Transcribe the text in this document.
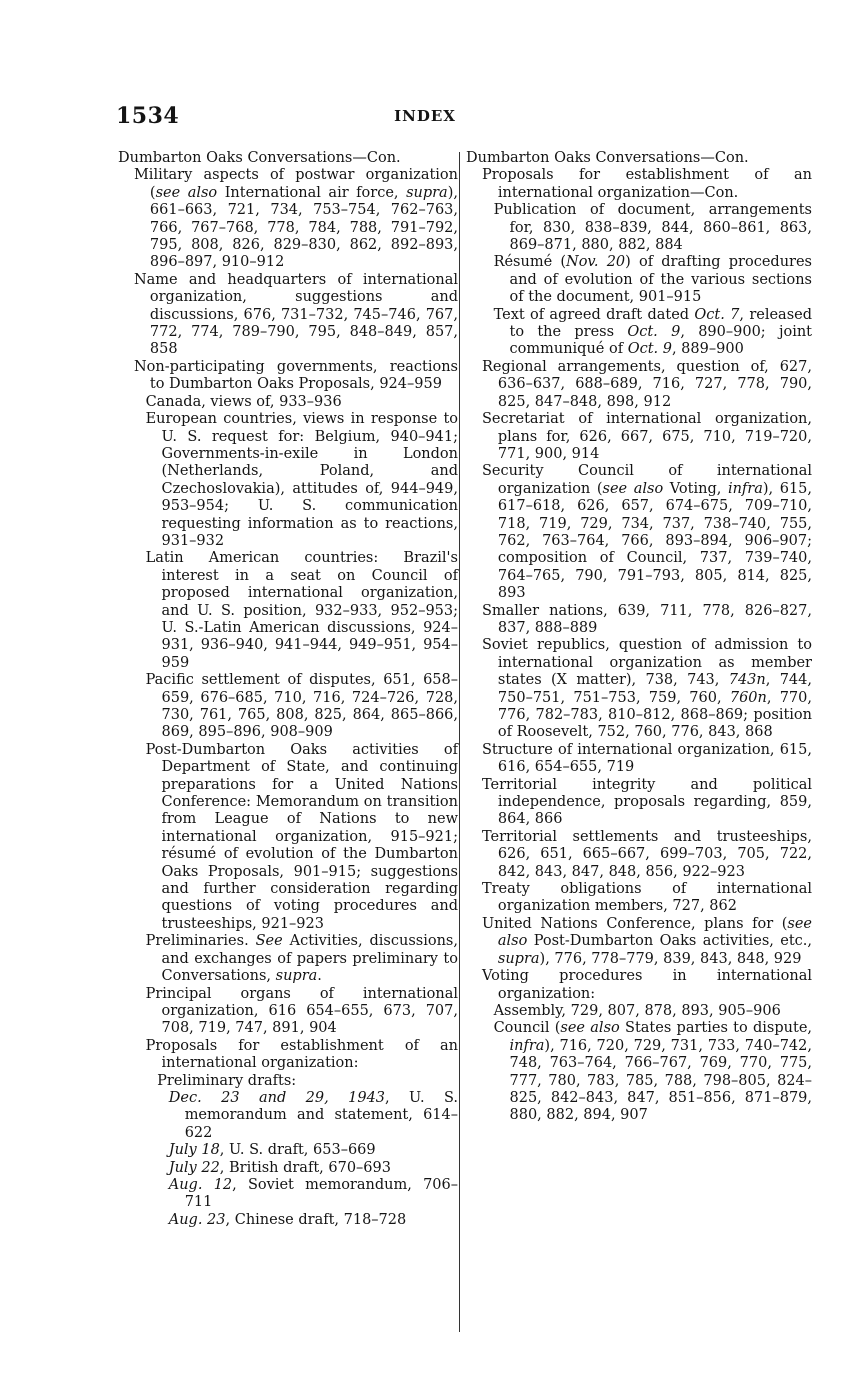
1534	INDEX
Dumbarton Oaks Conversations—Con.
Military aspects of postwar organization (see also International air force, supra), 661–663, 721, 734, 753–754, 762–763, 766, 767–768, 778, 784, 788, 791–792, 795, 808, 826, 829–830, 862, 892–893, 896–897, 910–912
Name and headquarters of international organization, suggestions and discussions, 676, 731–732, 745–746, 767, 772, 774, 789–790, 795, 848–849, 857, 858
Non-participating governments, reactions to Dumbarton Oaks Proposals, 924–959
Canada, views of, 933–936
European countries, views in response to U. S. request for: Belgium, 940–941; Governments-in-exile in London (Netherlands, Poland, and Czechoslovakia), attitudes of, 944–949, 953–954; U. S. communication requesting information as to reactions, 931–932
Latin American countries: Brazil's interest in a seat on Council of proposed international organization, and U. S. position, 932–933, 952–953; U. S.-Latin American discussions, 924–931, 936–940, 941–944, 949–951, 954–959
Pacific settlement of disputes, 651, 658–659, 676–685, 710, 716, 724–726, 728, 730, 761, 765, 808, 825, 864, 865–866, 869, 895–896, 908–909
Post-Dumbarton Oaks activities of Department of State, and continuing preparations for a United Nations Conference: Memorandum on transition from League of Nations to new international organization, 915–921; résumé of evolution of the Dumbarton Oaks Proposals, 901–915; suggestions and further consideration regarding questions of voting procedures and trusteeships, 921–923
Preliminaries. See Activities, discussions, and exchanges of papers preliminary to Conversations, supra.
Principal organs of international organization, 616 654–655, 673, 707, 708, 719, 747, 891, 904
Proposals for establishment of an international organization:
Preliminary drafts:
Dec. 23 and 29, 1943, U. S. memorandum and statement, 614–622
July 18, U. S. draft, 653–669
July 22, British draft, 670–693
Aug. 12, Soviet memorandum, 706–711
Aug. 23, Chinese draft, 718–728
Dumbarton Oaks Conversations—Con.
Proposals for establishment of an international organization—Con.
Publication of document, arrangements for, 830, 838–839, 844, 860–861, 863, 869–871, 880, 882, 884
Résumé (Nov. 20) of drafting procedures and of evolution of the various sections of the document, 901–915
Text of agreed draft dated Oct. 7, released to the press Oct. 9, 890–900; joint communiqué of Oct. 9, 889–900
Regional arrangements, question of, 627, 636–637, 688–689, 716, 727, 778, 790, 825, 847–848, 898, 912
Secretariat of international organization, plans for, 626, 667, 675, 710, 719–720, 771, 900, 914
Security Council of international organization (see also Voting, infra), 615, 617–618, 626, 657, 674–675, 709–710, 718, 719, 729, 734, 737, 738–740, 755, 762, 763–764, 766, 893–894, 906–907; composition of Council, 737, 739–740, 764–765, 790, 791–793, 805, 814, 825, 893
Smaller nations, 639, 711, 778, 826–827, 837, 888–889
Soviet republics, question of admission to international organization as member states (X matter), 738, 743, 743n, 744, 750–751, 751–753, 759, 760, 760n, 770, 776, 782–783, 810–812, 868–869; position of Roosevelt, 752, 760, 776, 843, 868
Structure of international organization, 615, 616, 654–655, 719
Territorial integrity and political independence, proposals regarding, 859, 864, 866
Territorial settlements and trusteeships, 626, 651, 665–667, 699–703, 705, 722, 842, 843, 847, 848, 856, 922–923
Treaty obligations of international organization members, 727, 862
United Nations Conference, plans for (see also Post-Dumbarton Oaks activities, etc., supra), 776, 778–779, 839, 843, 848, 929
Voting procedures in international organization:
Assembly, 729, 807, 878, 893, 905–906
Council (see also States parties to dispute, infra), 716, 720, 729, 731, 733, 740–742, 748, 763–764, 766–767, 769, 770, 775, 777, 780, 783, 785, 788, 798–805, 824–825, 842–843, 847, 851–856, 871–879, 880, 882, 894, 907
